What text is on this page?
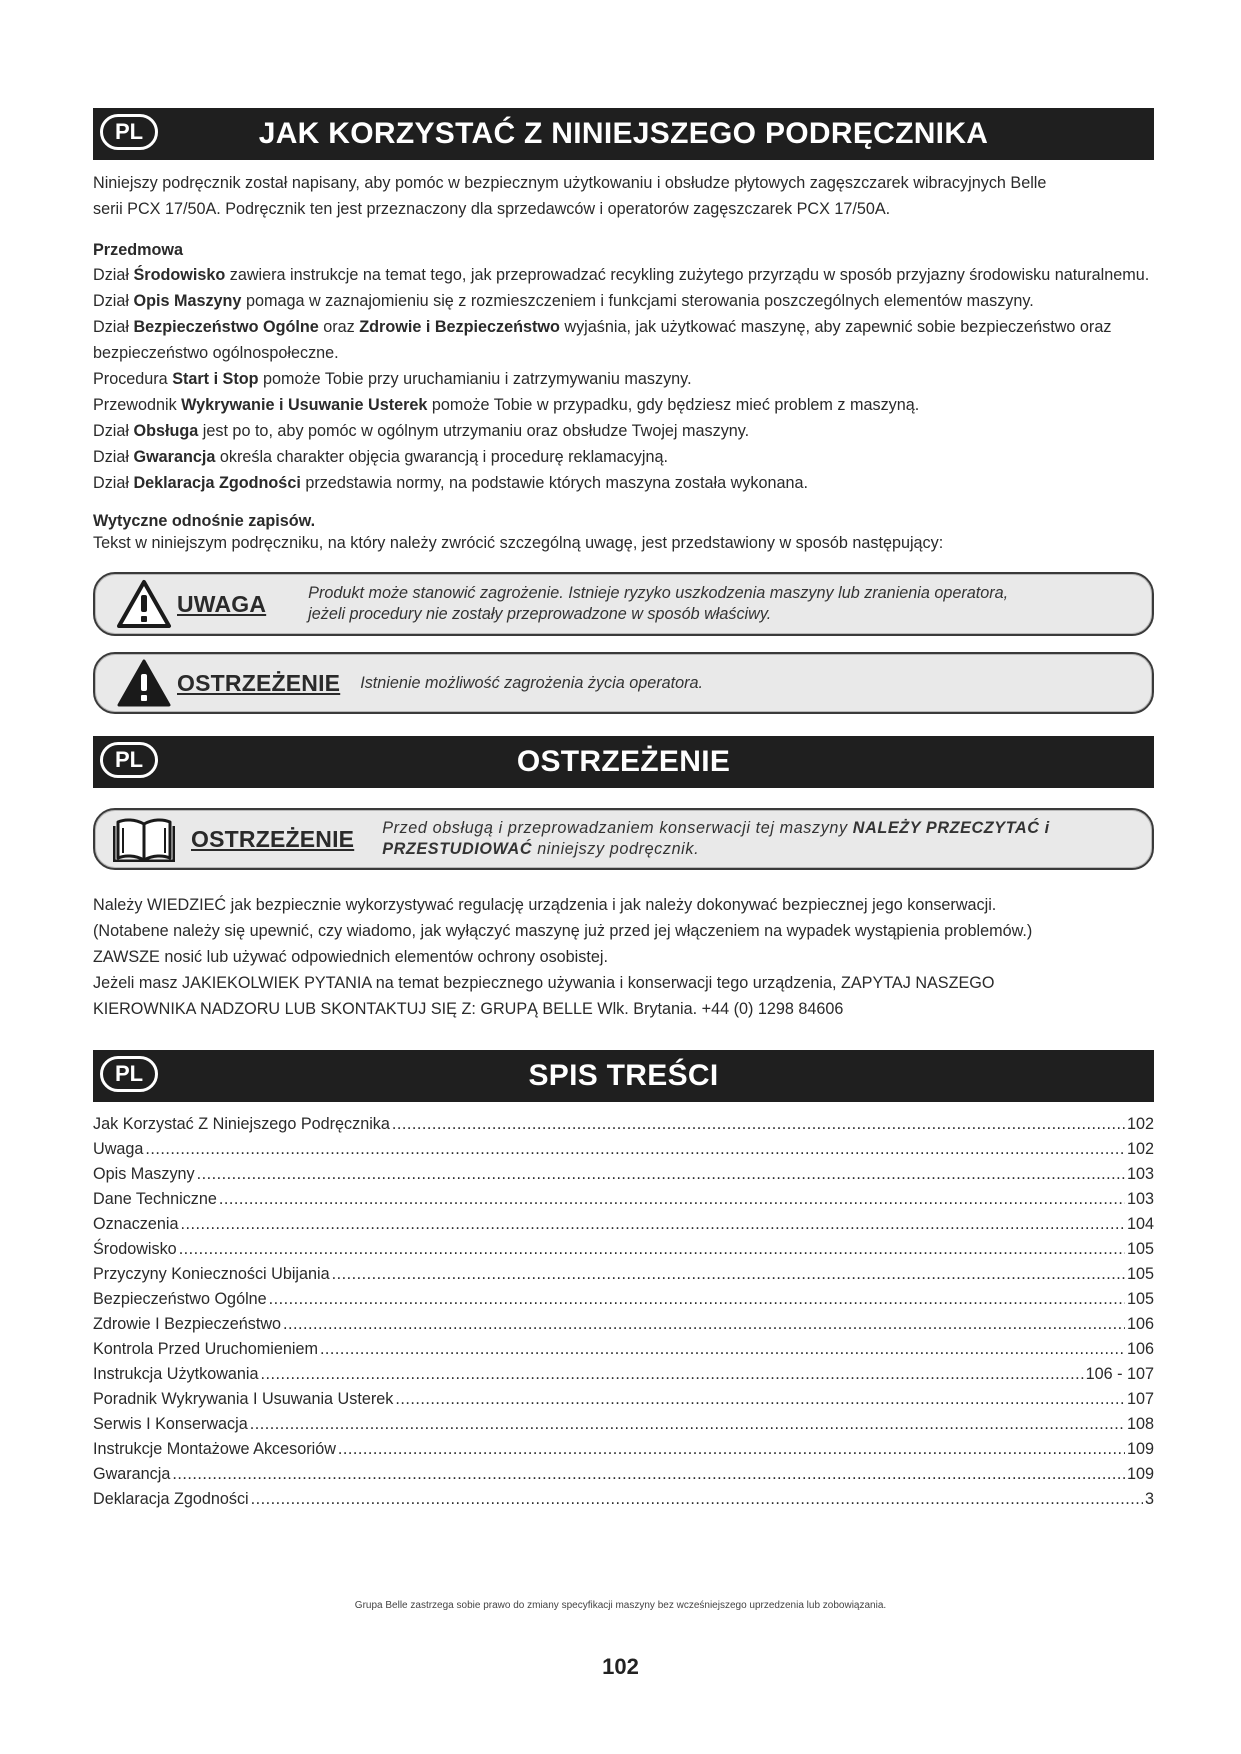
PL	JAK KORZYSTAĆ Z NINIEJSZEGO PODRĘCZNIKA

Niniejszy podręcznik został napisany, aby pomóc w bezpiecznym użytkowaniu i obsłudze płytowych zagęszczarek wibracyjnych Belle

serii PCX 17/50A. Podręcznik ten jest przeznaczony dla sprzedawców i operatorów zagęszczarek PCX 17/50A.

Przedmowa

Dział Środowisko zawiera instrukcje na temat tego, jak przeprowadzać recykling zużytego przyrządu w sposób przyjazny środowisku naturalnemu.

Dział Opis Maszyny pomaga w zaznajomieniu się z rozmieszczeniem i funkcjami sterowania poszczególnych elementów maszyny.

Dział Bezpieczeństwo Ogólne oraz Zdrowie i Bezpieczeństwo wyjaśnia, jak użytkować maszynę, aby zapewnić sobie bezpieczeństwo oraz bezpieczeństwo ogólnospołeczne.

Procedura Start i Stop pomoże Tobie przy uruchamianiu i zatrzymywaniu maszyny.

Przewodnik Wykrywanie i Usuwanie Usterek pomoże Tobie w przypadku, gdy będziesz mieć problem z maszyną.

Dział Obsługa jest po to, aby pomóc w ogólnym utrzymaniu oraz obsłudze Twojej maszyny.

Dział Gwarancja określa charakter objęcia gwarancją i procedurę reklamacyjną.

Dział Deklaracja Zgodności przedstawia normy, na podstawie których maszyna została wykonana.

Wytyczne odnośnie zapisów.

Tekst w niniejszym podręczniku, na który należy zwrócić szczególną uwagę, jest przedstawiony w sposób następujący:

UWAGA	Produkt może stanowić zagrożenie. Istnieje ryzyko uszkodzenia maszyny lub zranienia operatora,
jeżeli procedury nie zostały przeprowadzone w sposób właściwy.
OSTRZEŻENIE Istnienie możliwość zagrożenia życia operatora.
PL	OSTRZEŻENIE
OSTRZEŻENIE Przed obsługą i przeprowadzaniem konserwacji tej maszyny NALEŻY PRZECZYTAĆ i PRZESTUDIOWAĆ niniejszy podręcznik.

Należy WIEDZIEĆ jak bezpiecznie wykorzystywać regulację urządzenia i jak należy dokonywać bezpiecznej jego konserwacji.

(Notabene należy się upewnić, czy wiadomo, jak wyłączyć maszynę już przed jej włączeniem na wypadek wystąpienia problemów.)

ZAWSZE nosić lub używać odpowiednich elementów ochrony osobistej.

Jeżeli masz JAKIEKOLWIEK PYTANIA na temat bezpiecznego używania i konserwacji tego urządzenia, ZAPYTAJ NASZEGO

KIEROWNIKA NADZORU LUB SKONTAKTUJ SIĘ Z: GRUPĄ BELLE Wlk. Brytania. +44 (0) 1298 84606

PL	SPIS TREŚCI
Jak Korzystać Z Niniejszego Podręcznika .....	102
Uwaga .....	102
Opis Maszyny .....	103
Dane Techniczne .....	103
Oznaczenia .....	104
Środowisko .....	105
Przyczyny Konieczności Ubijania .....	105
Bezpieczeństwo Ogólne .....	105
Zdrowie I Bezpieczeństwo .....	106
Kontrola Przed Uruchomieniem .....	106
Instrukcja Użytkowania .....	106 - 107
Poradnik Wykrywania I Usuwania Usterek .....	107
Serwis I Konserwacja .....	108
Instrukcje Montażowe Akcesoriów .....	109
Gwarancja .....	109
Deklaracja Zgodności .....	3
Grupa Belle zastrzega sobie prawo do zmiany specyfikacji maszyny bez wcześniejszego uprzedzenia lub zobowiązania.
102
